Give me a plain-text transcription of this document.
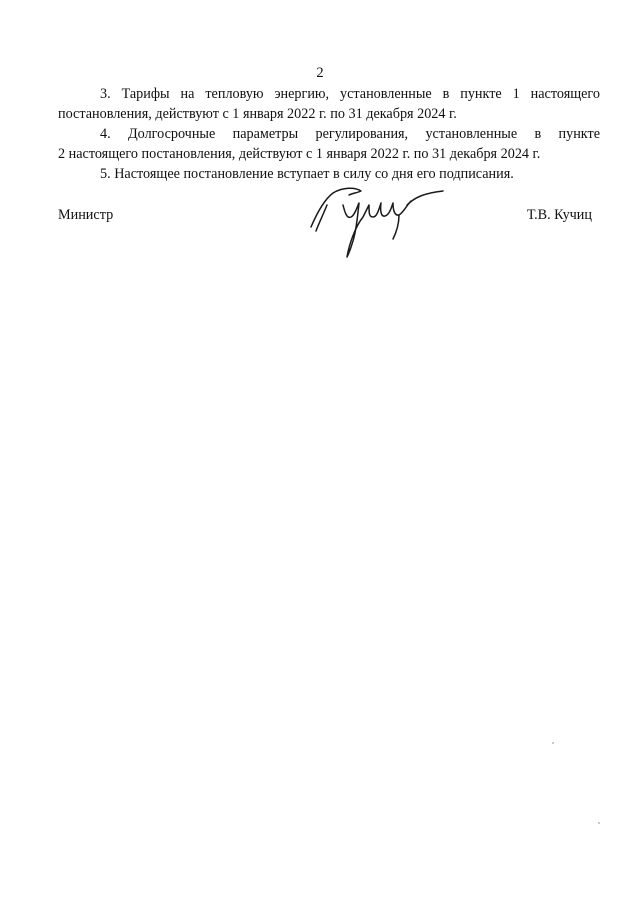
2

3. Тарифы на тепловую энергию, установленные в пункте 1 настоящего
постановления, действуют с 1 января 2022 г. по 31 декабря 2024 г.

4. Долгосрочные параметры регулирования, установленные в пункте
2 настоящего постановления, действуют с 1 января 2022 г. по 31 декабря 2024 г.

5. Настоящее постановление вступает в силу со дня его подписания.

Министр	Т.В. Кучиц
